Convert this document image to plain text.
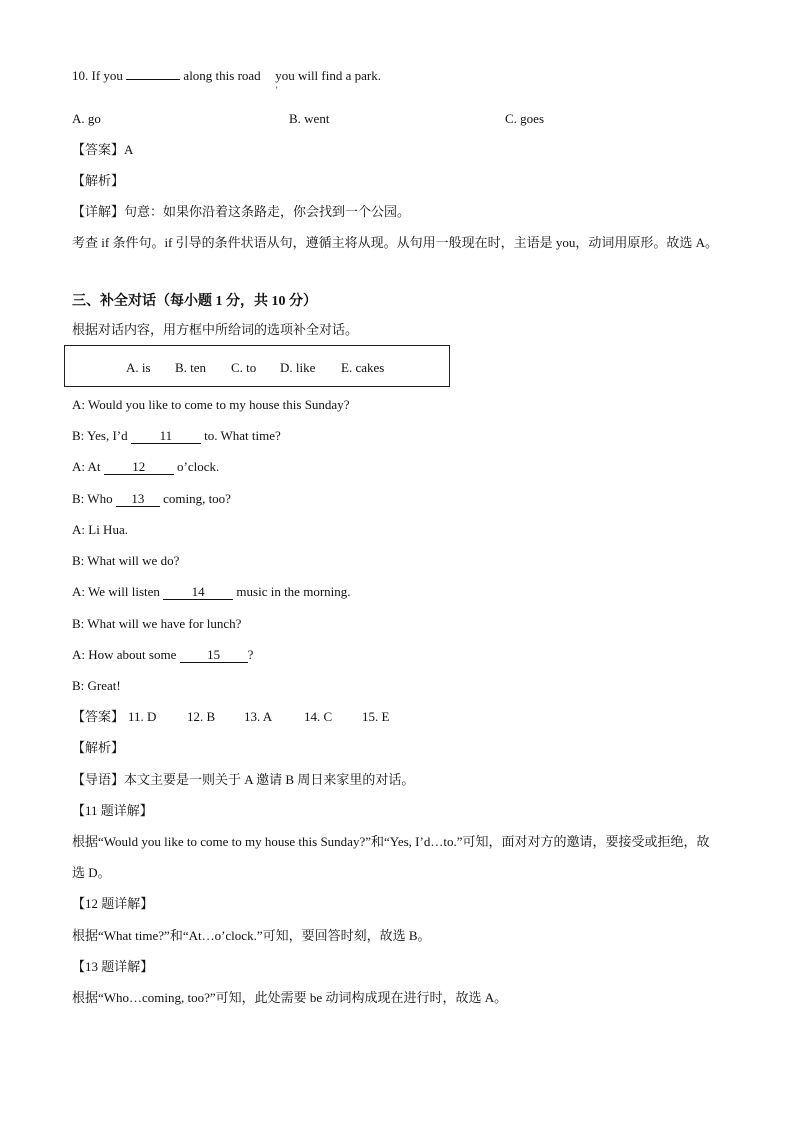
10. If you	along this road you will find a park.
'
A. go	B. went	C. goes
【答案】A
【解析】
【详解】句意：如果你沿着这条路走，你会找到一个公园。
考查 if 条件句。if 引导的条件状语从句，遵循主将从现。从句用一般现在时，主语是 you，动词用原形。故选 A。
三、补全对话（每小题 1 分，共 10 分）
根据对话内容，用方框中所给词的选项补全对话。
A. is B. ten C. to D. like E. cakes
A: Would you like to come to my house this Sunday?
B: Yes, I’d 11 to. What time?
A: At 12 o’clock.
B: Who 13 coming, too?
A: Li Hua.
B: What will we do?
A: We will listen 14 music in the morning.
B: What will we have for lunch?
A: How about some 15 ?
B: Great!
【答案】 11. D 12. B 13. A 14. C 15. E
【解析】
【导语】本文主要是一则关于 A 邀请 B 周日来家里的对话。
【11 题详解】
根据“Would you like to come to my house this Sunday?”和“Yes, I’d…to.”可知，面对对方的邀请，要接受或拒绝，故选 D。
【12 题详解】
根据“What time?”和“At…o’clock.”可知，要回答时刻，故选 B。
【13 题详解】
根据“Who…coming, too?”可知，此处需要 be 动词构成现在进行时，故选 A。
